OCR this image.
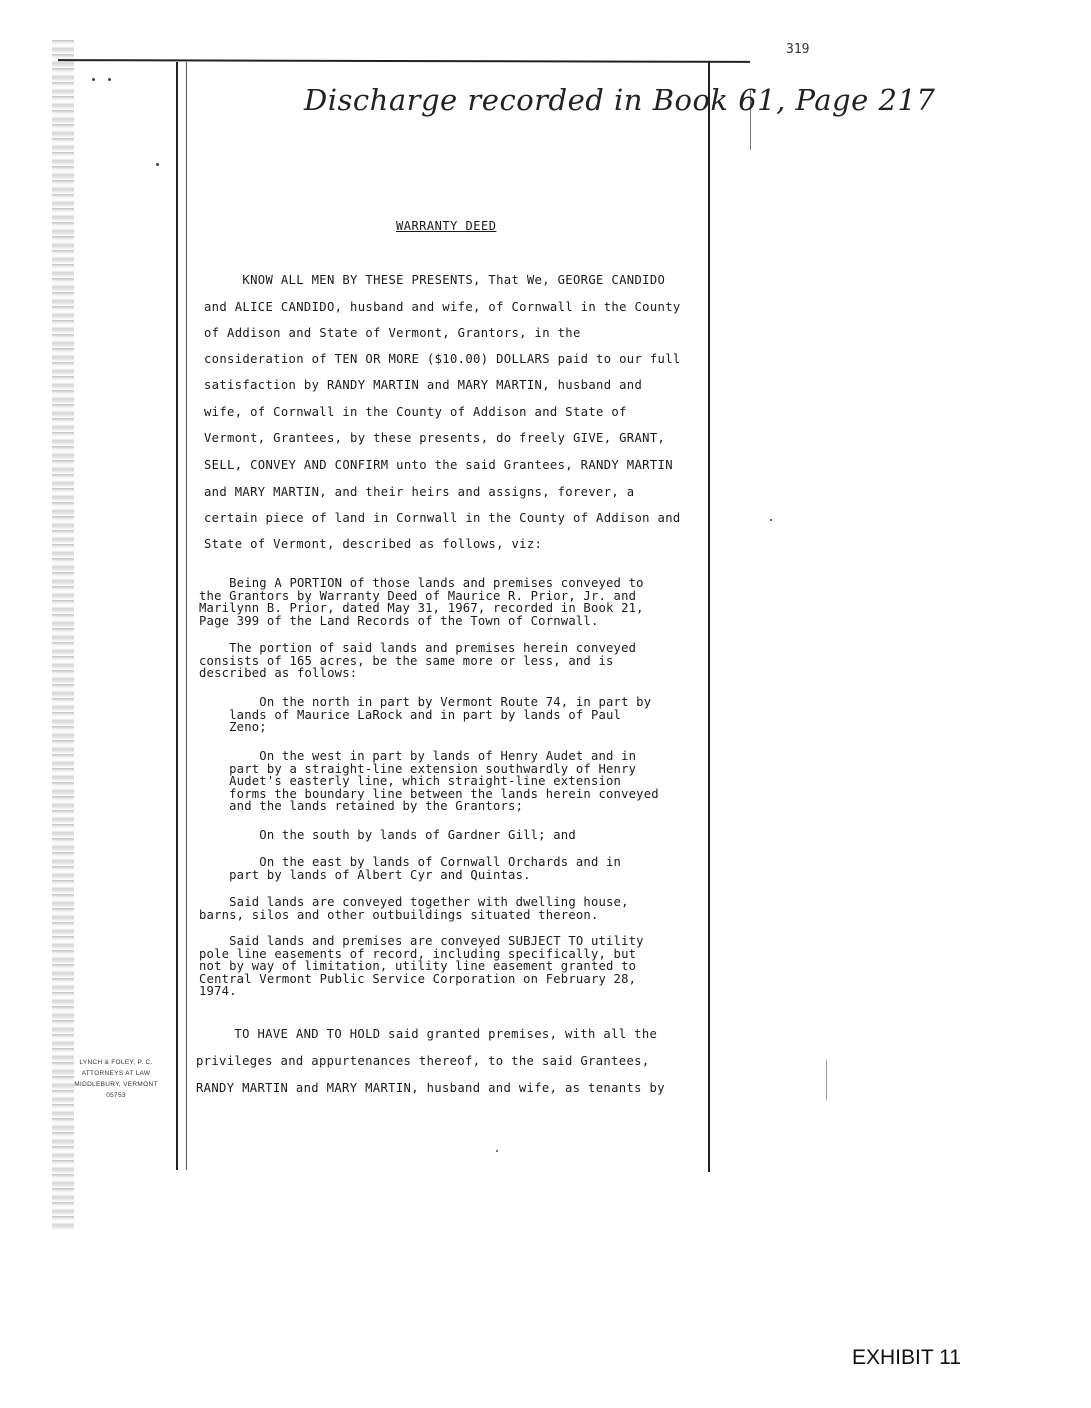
319
Discharge recorded in Book 61, Page 217
WARRANTY DEED
KNOW ALL MEN BY THESE PRESENTS, That We, GEORGE CANDIDO
and ALICE CANDIDO, husband and wife, of Cornwall in the County
of Addison and State of Vermont, Grantors, in the
consideration of TEN OR MORE ($10.00) DOLLARS paid to our full
satisfaction by RANDY MARTIN and MARY MARTIN, husband and
wife, of Cornwall in the County of Addison and State of
Vermont, Grantees, by these presents, do freely GIVE, GRANT,
SELL, CONVEY AND CONFIRM unto the said Grantees, RANDY MARTIN
and MARY MARTIN, and their heirs and assigns, forever, a
certain piece of land in Cornwall in the County of Addison and
State of Vermont, described as follows, viz:
Being A PORTION of those lands and premises conveyed to
the Grantors by Warranty Deed of Maurice R. Prior, Jr. and
Marilynn B. Prior, dated May 31, 1967, recorded in Book 21,
Page 399 of the Land Records of the Town of Cornwall.
The portion of said lands and premises herein conveyed
consists of 165 acres, be the same more or less, and is
described as follows:
On the north in part by Vermont Route 74, in part by
lands of Maurice LaRock and in part by lands of Paul
Zeno;
On the west in part by lands of Henry Audet and in
part by a straight-line extension southwardly of Henry
Audet's easterly line, which straight-line extension
forms the boundary line between the lands herein conveyed
and the lands retained by the Grantors;
On the south by lands of Gardner Gill; and
On the east by lands of Cornwall Orchards and in
part by lands of Albert Cyr and Quintas.
Said lands are conveyed together with dwelling house,
barns, silos and other outbuildings situated thereon.
Said lands and premises are conveyed SUBJECT TO utility
pole line easements of record, including specifically, but
not by way of limitation, utility line easement granted to
Central Vermont Public Service Corporation on February 28,
1974.
TO HAVE AND TO HOLD said granted premises, with all the
privileges and appurtenances thereof, to the said Grantees,
RANDY MARTIN and MARY MARTIN, husband and wife, as tenants by
LYNCH & FOLEY, P. C.
ATTORNEYS AT LAW
MIDDLEBURY, VERMONT
05753
EXHIBIT 11
